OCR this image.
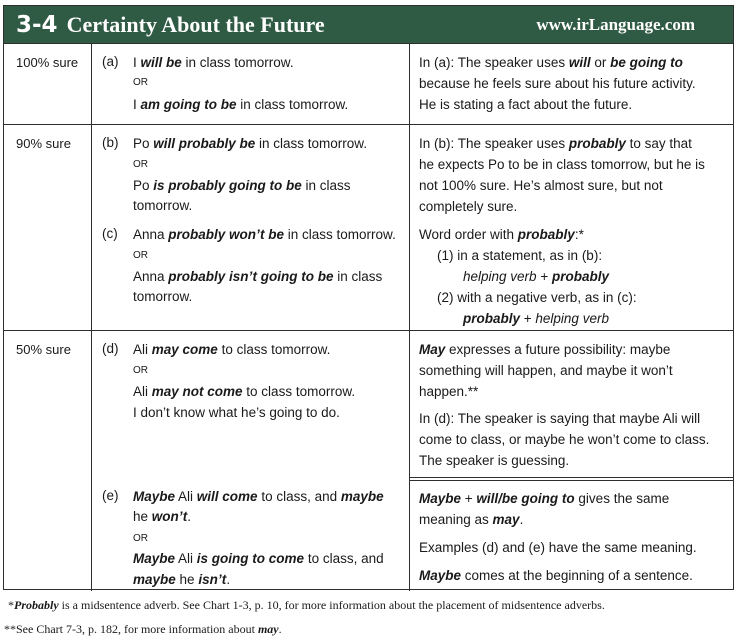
3-4 Certainty About the Future	www.irLanguage.com
100% sure (a) I will be in class tomorrow.
OR
I am going to be in class tomorrow.
In (a): The speaker uses will or be going to
because he feels sure about his future activity.
He is stating a fact about the future.
90% sure (b) Po will probably be in class tomorrow.
OR
Po is probably going to be in class
tomorrow.
(c) Anna probably won’t be in class tomorrow.
OR
Anna probably isn’t going to be in class
tomorrow.
In (b): The speaker uses probably to say that
he expects Po to be in class tomorrow, but he is
not 100% sure. He’s almost sure, but not
completely sure.
Word order with probably:*
(1) in a statement, as in (b):
helping verb + probably
(2) with a negative verb, as in (c):
probably + helping verb
50% sure (d) Ali may come to class tomorrow.
OR
Ali may not come to class tomorrow.
I don’t know what he’s going to do.
(e) Maybe Ali will come to class, and maybe
he won’t.
OR
Maybe Ali is going to come to class, and
maybe he isn’t.
May expresses a future possibility: maybe
something will happen, and maybe it won’t
happen.**
In (d): The speaker is saying that maybe Ali will
come to class, or maybe he won’t come to class.
The speaker is guessing.
Maybe + will/be going to gives the same
meaning as may.
Examples (d) and (e) have the same meaning.
Maybe comes at the beginning of a sentence.
*Probably is a midsentence adverb. See Chart 1-3, p. 10, for more information about the placement of midsentence adverbs.
**See Chart 7-3, p. 182, for more information about may.
